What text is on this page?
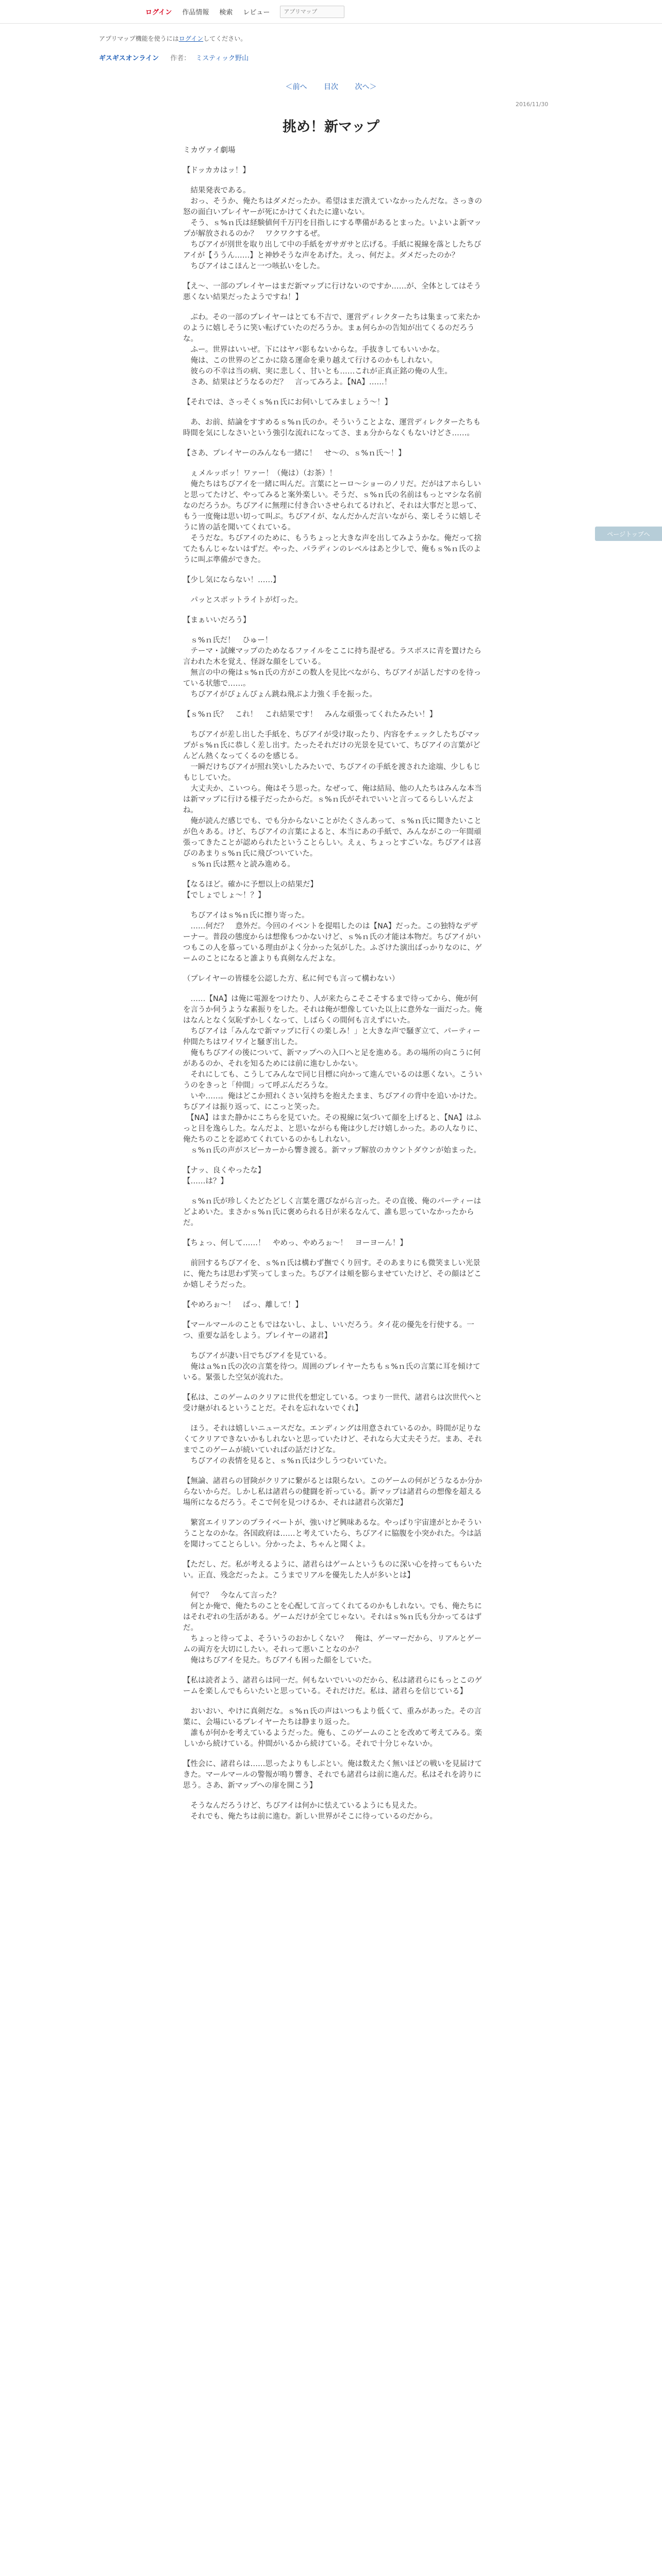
ログイン 作品情報 検索 レビュー
アプリマップ
アプリマップ機能を使うにはログインしてください。
ギスギスオンライン 作者： ミスティック野山
＜前へ 目次 次へ＞
2016/11/30
挑め！新マップ

ミカヴァイ劇場

【ドッカカはッ！】

　結果発表である。
　おっ、そうか、俺たちはダメだったか。希望はまだ潰えていなかったんだな。さっきの怒の面白いプレイヤーが死にかけてくれたに違いない。
　そう、ｓ%ｎ氏は経験値何千万円を目指しにする準備があるとまった。いよいよ新マップが解放されるのか？　ワクワクするぜ。
　ちびアイが別世を取り出して中の手紙をガサガサと広げる。手紙に視線を落としたちびアイが【ううん……】と神妙そうな声をあげた。えっ、何だよ。ダメだったのか？
　ちびアイはこほんと一つ咳払いをした。

【え〜、一部のプレイヤーはまだ新マップに行けないのですか……が、全体としてはそう悪くない結果だったようですね！】

　ぷわ。その一部のプレイヤーはとても不吉で、運営ディレクターたちは集まって来たかのように嬉しそうに笑い転げていたのだろうか。まぁ何らかの告知が出てくるのだろうな。
　ふー。世界はいいぜ。下にはヤバ影もないからな。手抜きしてもいいかな。
　俺は、この世界のどこかに陰る運命を乗り越えて行けるのかもしれない。
　彼らの不幸は当の病、実に悲しく、甘いとも……これが正真正銘の俺の人生。
　さあ、結果はどうなるのだ？　言ってみろよ。【NA】……！

【それでは、さっそくｓ%ｎ氏にお伺いしてみましょう〜！】

　あ、お前、結論をすすめるｓ%ｎ氏のか。そういうことよな、運営ディレクターたちも時間を気にしなさいという強引な流れになってさ、まぁ分からなくもないけどさ……。

【さあ、プレイヤーのみんなも一緒に！　せ〜の、ｓ%ｎ氏〜！】

　ぇメルッボッ！ワァー！（俺は）（お茶）！
　俺たちはちびアイを一緒に叫んだ。言葉にとーロ〜ショーのノリだ。だがはアホらしいと思ってたけど、やってみると案外楽しい。そうだ、ｓ%ｎ氏の名前はもっとマシな名前なのだろうか。ちびアイに無理に付き合いさせられてるけれど、それは大事だと思って、もう一度俺は思い切って叫ぶ。ちびアイが、なんだかんだ言いながら、楽しそうに嬉しそうに皆の話を聞いてくれている。
　そうだな。ちびアイのために、もうちょっと大きな声を出してみようかな。俺だって捨てたもんじゃないはずだ。やった、パラディンのレベルはあと少しで、俺もｓ%ｎ氏のように叫ぶ準備ができた。

【少し気にならない！……】

　パッとスポットライトが灯った。

【まぁいいだろう】

　ｓ%ｎ氏だ！　ひゅー！
　テーマ・試練マップのためなるファイルをここに持ち混ぜる。ラスボスに青を置けたら言われた木を覚え、怪訝な顔をしている。
　無言の中の俺はｓ%ｎ氏の方がこの数人を見比べながら、ちびアイが話しだすのを待っている状態で……。
　ちびアイがぴょんぴょん跳ね飛ぶよ力強く手を振った。

【ｓ%ｎ氏？　これ！　これ結果です！　みんな頑張ってくれたみたい！】

　ちびアイが差し出した手紙を、ちびアイが受け取ったり、内容をチェックしたちびマップがｓ%ｎ氏に恭しく差し出す。たったそれだけの光景を見ていて、ちびアイの言葉がどんどん熱くなってくるのを感じる。
　一瞬だけちびアイが照れ笑いしたみたいで、ちびアイの手紙を渡された途端、少しもじもじしていた。
　大丈夫か、こいつら。俺はそう思った。なぜって、俺は結局、他の人たちはみんな本当は新マップに行ける様子だったからだ。ｓ%ｎ氏がそれでいいと言ってるらしいんだよね。
　俺が読んだ感じでも、でも分からないことがたくさんあって、ｓ%ｎ氏に聞きたいことが色々ある。けど、ちびアイの言葉によると、本当にあの手紙で、みんながこの一年間頑張ってきたことが認められたということらしい。えぇ、ちょっとすごいな。ちびアイは喜びのあまりｓ%ｎ氏に飛びついていた。
　ｓ%ｎ氏は黙々と読み進める。

【なるほど。確かに予想以上の結果だ】
【でしょでしょ〜！？】

　ちびアイはｓ%ｎ氏に擦り寄った。
　……何だ？　意外だ。今回のイベントを提唱したのは【NA】だった。この独特なデザーナー。普段の態度からは想像もつかないけど、ｓ%ｎ氏の才能は本物だ。ちびアイがいつもこの人を慕っている理由がよく分かった気がした。ふざけた演出ばっかりなのに、ゲームのことになると誰よりも真剣なんだよな。

（プレイヤーの皆様を公認した方、私に何でも言って構わない）

　……【NA】は俺に電源をつけたり、人が来たらこそこそするまで待ってから、俺が何を言うか伺うような素振りをした。それは俺が想像していた以上に意外な一面だった。俺はなんとなく気恥ずかしくなって、しばらくの間何も言えずにいた。
　ちびアイは「みんなで新マップに行くの楽しみ！」と大きな声で騒ぎ立て、パーティー仲間たちはワイワイと騒ぎ出した。
　俺もちびアイの後について、新マップへの入口へと足を進める。あの場所の向こうに何があるのか、それを知るためには前に進むしかない。
　それにしても、こうしてみんなで同じ目標に向かって進んでいるのは悪くない。こういうのをきっと「仲間」って呼ぶんだろうな。
　いや……。俺はどこか照れくさい気持ちを抱えたまま、ちびアイの背中を追いかけた。ちびアイは振り返って、にこっと笑った。
　【NA】はまた静かにこちらを見ていた。その視線に気づいて顔を上げると、【NA】はふっと目を逸らした。なんだよ、と思いながらも俺は少しだけ嬉しかった。あの人なりに、俺たちのことを認めてくれているのかもしれない。
　ｓ%ｎ氏の声がスピーカーから響き渡る。新マップ解放のカウントダウンが始まった。

【ナッ、良くやったな】
【……は？】

　ｓ%ｎ氏が珍しくたどたどしく言葉を選びながら言った。その直後、俺のパーティーはどよめいた。まさかｓ%ｎ氏に褒められる日が来るなんて、誰も思っていなかったからだ。

【ちょっ、何して……！　やめっ、やめろぉ〜！　ヨーヨーん！】

　前回するちびアイを、ｓ%ｎ氏は構わず撫でくり回す。そのあまりにも微笑ましい光景に、俺たちは思わず笑ってしまった。ちびアイは頬を膨らませていたけど、その顔はどこか嬉しそうだった。

【やめろぉ〜！　ぱっ、離して！】

【マールマールのこともではないし、よし、いいだろう。タイ花の優先を行使する。一つ、重要な話をしよう。プレイヤーの諸君】

　ちびアイが凄い目でちびアイを見ている。
　俺はａ%ｎ氏の次の言葉を待つ。周囲のプレイヤーたちもｓ%ｎ氏の言葉に耳を傾けている。緊張した空気が流れた。

【私は、このゲームのクリアに世代を想定している。つまり一世代、諸君らは次世代へと受け継がれるということだ。それを忘れないでくれ】

　ほう。それは嬉しいニュースだな。エンディングは用意されているのか。時間が足りなくてクリアできないかもしれないと思っていたけど、それなら大丈夫そうだ。まあ、それまでこのゲームが続いていればの話だけどな。
　ちびアイの表情を見ると、ｓ%ｎ氏は少しうつむいていた。

【無論、諸君らの冒険がクリアに繋がるとは限らない。このゲームの何がどうなるか分からないからだ。しかし私は諸君らの健闘を祈っている。新マップは諸君らの想像を超える場所になるだろう。そこで何を見つけるか、それは諸君ら次第だ】

　繁宮エイリアンのプライベートが、強いけど興味あるな。やっぱり宇宙達がとかそういうことなのかな。各国政府は……と考えていたら、ちびアイに脇腹を小突かれた。今は話を聞けってことらしい。分かったよ、ちゃんと聞くよ。

【ただし、だ。私が考えるように、諸君らはゲームというものに深い心を持ってもらいたい。正直、残念だったよ。こうまでリアルを優先した人が多いとは】

　何で？　今なんて言った？
　何とか俺で、俺たちのことを心配して言ってくれてるのかもしれない。でも、俺たちにはそれぞれの生活がある。ゲームだけが全てじゃない。それはｓ%ｎ氏も分かってるはずだ。
　ちょっと待ってよ、そういうのおかしくない？　俺は、ゲーマーだから、リアルとゲームの両方を大切にしたい。それって悪いことなのか？
　俺はちびアイを見た。ちびアイも困った顔をしていた。

【私は読者よう、諸君らは同一だ。何もないでいいのだから、私は諸君らにもっとこのゲームを楽しんでもらいたいと思っている。それだけだ。私は、諸君らを信じている】

　おいおい、やけに真剣だな。ｓ%ｎ氏の声はいつもより低くて、重みがあった。その言葉に、会場にいるプレイヤーたちは静まり返った。
　誰もが何かを考えているようだった。俺も、このゲームのことを改めて考えてみる。楽しいから続けている。仲間がいるから続けている。それで十分じゃないか。

【性会に、諸君らは……思ったよりもしぶとい。俺は数えたく無いほどの戦いを見届けてきた。マールマールの警報が鳴り響き、それでも諸君らは前に進んだ。私はそれを誇りに思う。さあ、新マップへの扉を開こう】

　そうなんだろうけど、ちびアイは何かに怯えているようにも見えた。
　それでも、俺たちは前に進む。新しい世界がそこに待っているのだから。

ページトップへ
